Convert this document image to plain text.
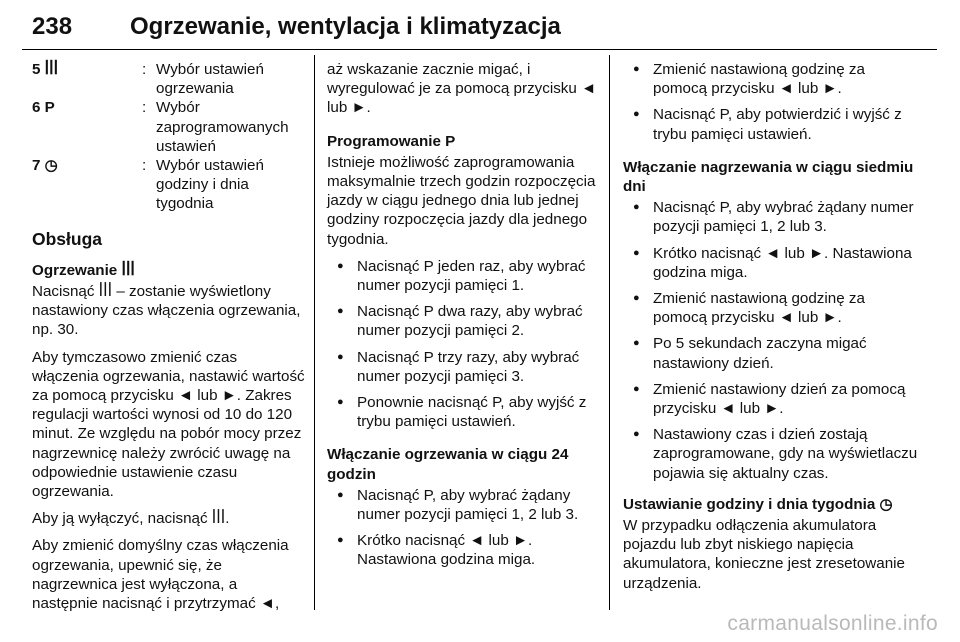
238 Ogrzewanie, wentylacja i klimatyzacja
5 ꟾꟾꟾ	: Wybór ustawień ogrzewania
6 P	: Wybór zaprogramowanych ustawień
7 ◷	: Wybór ustawień godziny i dnia tygodnia
Obsługa
Ogrzewanie ꟾꟾꟾ

Nacisnąć ꟾꟾꟾ – zostanie wyświetlony nastawiony czas włączenia ogrzewania, np. 30.

Aby tymczasowo zmienić czas włączenia ogrzewania, nastawić wartość za pomocą przycisku ◄ lub ►. Zakres regulacji wartości wynosi od 10 do 120 minut. Ze względu na pobór mocy przez nagrzewnicę należy zwrócić uwagę na odpowiednie ustawienie czasu ogrzewania.

Aby ją wyłączyć, nacisnąć ꟾꟾꟾ.

Aby zmienić domyślny czas włączenia ogrzewania, upewnić się, że nagrzewnica jest wyłączona, a następnie nacisnąć i przytrzymać ◄,

aż wskazanie zacznie migać, i wyregulować je za pomocą przycisku ◄ lub ►.

Programowanie P

Istnieje możliwość zaprogramowania maksymalnie trzech godzin rozpoczęcia jazdy w ciągu jednego dnia lub jednej godziny rozpoczęcia jazdy dla jednego tygodnia.

● Nacisnąć P jeden raz, aby wybrać numer pozycji pamięci 1.
● Nacisnąć P dwa razy, aby wybrać numer pozycji pamięci 2.
● Nacisnąć P trzy razy, aby wybrać numer pozycji pamięci 3.
● Ponownie nacisnąć P, aby wyjść z trybu pamięci ustawień.
Włączanie ogrzewania w ciągu 24 godzin
● Nacisnąć P, aby wybrać żądany numer pozycji pamięci 1, 2 lub 3.
● Krótko nacisnąć ◄ lub ►. Nastawiona godzina miga.
● Zmienić nastawioną godzinę za pomocą przycisku ◄ lub ►.
● Nacisnąć P, aby potwierdzić i wyjść z trybu pamięci ustawień.
Włączanie nagrzewania w ciągu siedmiu dni
● Nacisnąć P, aby wybrać żądany numer pozycji pamięci 1, 2 lub 3.
● Krótko nacisnąć ◄ lub ►. Nastawiona godzina miga.
● Zmienić nastawioną godzinę za pomocą przycisku ◄ lub ►.
● Po 5 sekundach zaczyna migać nastawiony dzień.
● Zmienić nastawiony dzień za pomocą przycisku ◄ lub ►.
● Nastawiony czas i dzień zostają zaprogramowane, gdy na wyświetlaczu pojawia się aktualny czas.
Ustawianie godziny i dnia tygodnia ◷

W przypadku odłączenia akumulatora pojazdu lub zbyt niskiego napięcia akumulatora, konieczne jest zresetowanie urządzenia.

carmanualsonline.info
